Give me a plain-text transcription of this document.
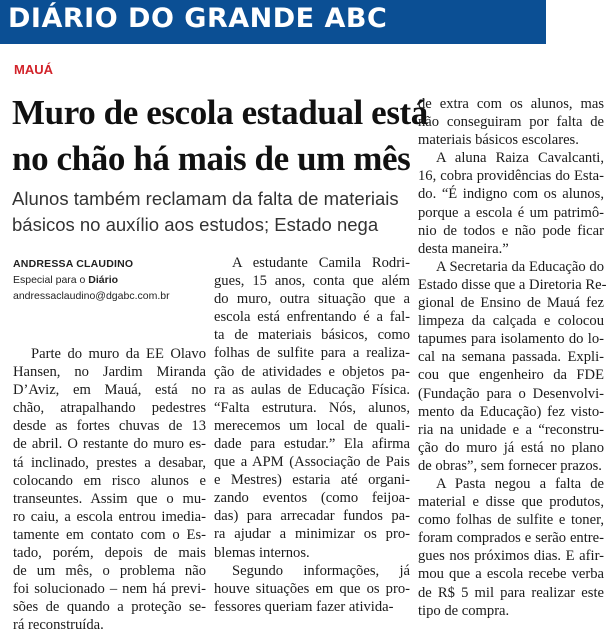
DIÁRIO DO GRANDE ABC
MAUÁ
Muro de escola estadual está
no chão há mais de um mês
Alunos também reclamam da falta de materiais
básicos no auxílio aos estudos; Estado nega
ANDRESSA CLAUDINO
Especial para o Diário
andressaclaudino@dgabc.com.br
Parte do muro da EE Olavo
Hansen, no Jardim Miranda
D’Aviz, em Mauá, está no
chão, atrapalhando pedestres
desde as fortes chuvas de 13
de abril. O restante do muro es-
tá inclinado, prestes a desabar,
colocando em risco alunos e
transeuntes. Assim que o mu-
ro caiu, a escola entrou imedia-
tamente em contato com o Es-
tado, porém, depois de mais
de um mês, o problema não
foi solucionado – nem há previ-
sões de quando a proteção se-
rá reconstruída.
A estudante Camila Rodri-
gues, 15 anos, conta que além
do muro, outra situação que a
escola está enfrentando é a fal-
ta de materiais básicos, como
folhas de sulfite para a realiza-
ção de atividades e objetos pa-
ra as aulas de Educação Física.
“Falta estrutura. Nós, alunos,
merecemos um local de quali-
dade para estudar.” Ela afirma
que a APM (Associação de Pais
e Mestres) estaria até organi-
zando eventos (como feijoa-
das) para arrecadar fundos pa-
ra ajudar a minimizar os pro-
blemas internos.
Segundo informações, já
houve situações em que os pro-
fessores queriam fazer ativida-
de extra com os alunos, mas
não conseguiram por falta de
materiais básicos escolares.
A aluna Raiza Cavalcanti,
16, cobra providências do Esta-
do. “É indigno com os alunos,
porque a escola é um patrimô-
nio de todos e não pode ficar
desta maneira.”
A Secretaria da Educação do
Estado disse que a Diretoria Re-
gional de Ensino de Mauá fez
limpeza da calçada e colocou
tapumes para isolamento do lo-
cal na semana passada. Expli-
cou que engenheiro da FDE
(Fundação para o Desenvolvi-
mento da Educação) fez visto-
ria na unidade e a “reconstru-
ção do muro já está no plano
de obras”, sem fornecer prazos.
A Pasta negou a falta de
material e disse que produtos,
como folhas de sulfite e toner,
foram comprados e serão entre-
gues nos próximos dias. E afir-
mou que a escola recebe verba
de R$ 5 mil para realizar este
tipo de compra.
